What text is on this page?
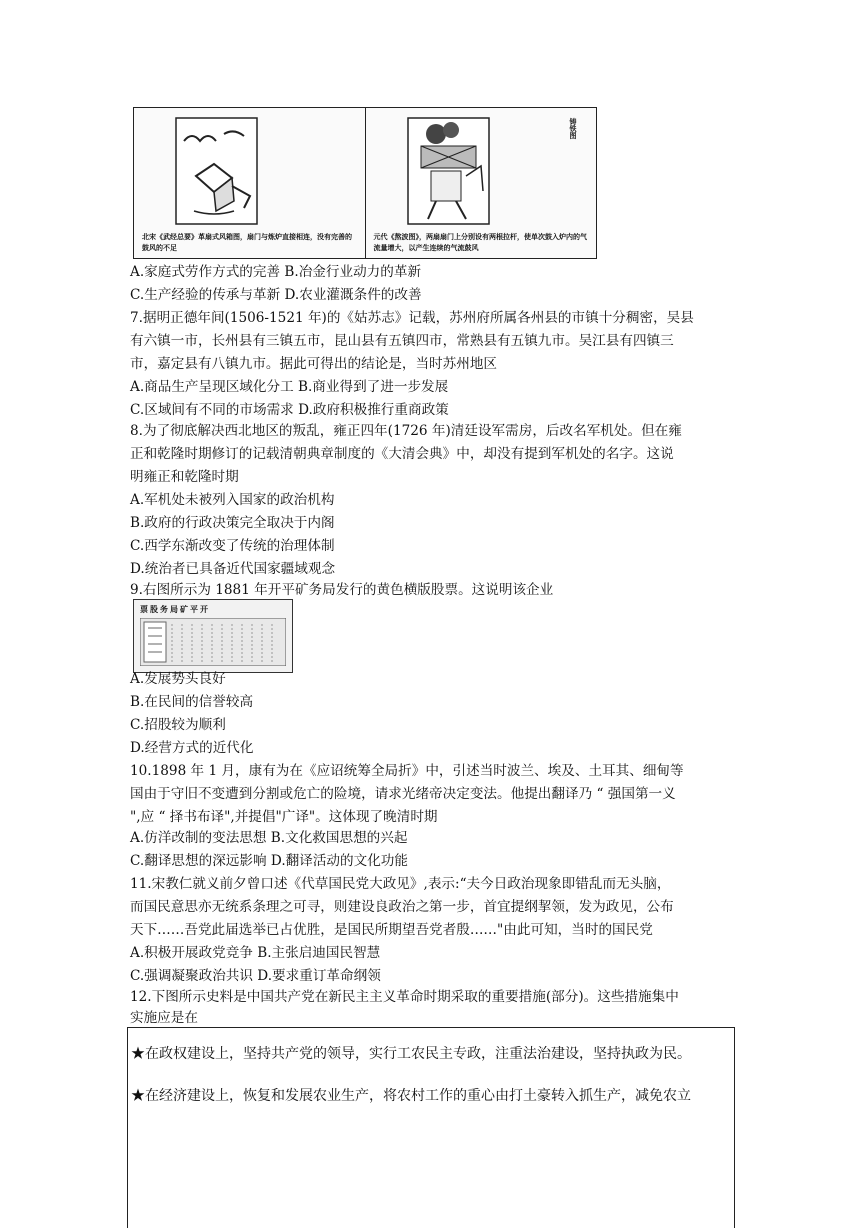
北宋《武经总要》革扇式风箱图，扇门与炼炉直接相连，没有完善的鼓风的不足
铸铁图
元代《熬波图》，两扇扇门上分别设有两根拉杆，使单次鼓入炉内的气流量增大，以产生连续的气流鼓风
A.家庭式劳作方式的完善 B.冶金行业动力的革新
C.生产经验的传承与革新 D.农业灌溉条件的改善
7.据明正德年间(1506-1521 年)的《姑苏志》记载，苏州府所属各州县的市镇十分稠密，吴县
有六镇一市，长州县有三镇五市，昆山县有五镇四市，常熟县有五镇九市。吴江县有四镇三
市，嘉定县有八镇九市。据此可得出的结论是，当时苏州地区
A.商品生产呈现区域化分工 B.商业得到了进一步发展
C.区域间有不同的市场需求 D.政府积极推行重商政策
8.为了彻底解决西北地区的叛乱，雍正四年(1726 年)清廷设军需房，后改名军机处。但在雍
正和乾隆时期修订的记载清朝典章制度的《大清会典》中，却没有提到军机处的名字。这说
明雍正和乾隆时期
A.军机处未被列入国家的政治机构
B.政府的行政决策完全取决于内阁
C.西学东渐改变了传统的治理体制
D.统治者已具备近代国家疆域观念
9.右图所示为 1881 年开平矿务局发行的黄色横版股票。这说明该企业
票股务局矿平开
A.发展势头良好
B.在民间的信誉较高
C.招股较为顺利
D.经营方式的近代化
10.1898 年 1 月，康有为在《应诏统筹全局折》中，引述当时波兰、埃及、土耳其、细甸等
国由于守旧不变遭到分割或危亡的险境，请求光绪帝决定变法。他提出翻译乃 “ 强国第一义
",应 “ 择书布译",并提倡"广译"。这体现了晚清时期
A.仿洋改制的变法思想 B.文化救国思想的兴起
C.翻译思想的深远影响 D.翻译活动的文化功能
11.宋教仁就义前夕曾口述《代草国民党大政见》,表示:“夫今日政治现象即错乱而无头脑，
而国民意思亦无统系条理之可寻，则建设良政治之第一步，首宜提纲挈领，发为政见，公布
天下……吾党此届选举已占优胜，是国民所期望吾党者殷……"由此可知，当时的国民党
A.积极开展政党竞争 B.主张启迪国民智慧
C.强调凝聚政治共识 D.要求重订革命纲领
12.下图所示史料是中国共产党在新民主主义革命时期采取的重要措施(部分)。这些措施集中
实施应是在
★在政权建设上，坚持共产党的领导，实行工农民主专政，注重法治建设，坚持执政为民。
★在经济建设上，恢复和发展农业生产，将农村工作的重心由打土豪转入抓生产，减免农立
